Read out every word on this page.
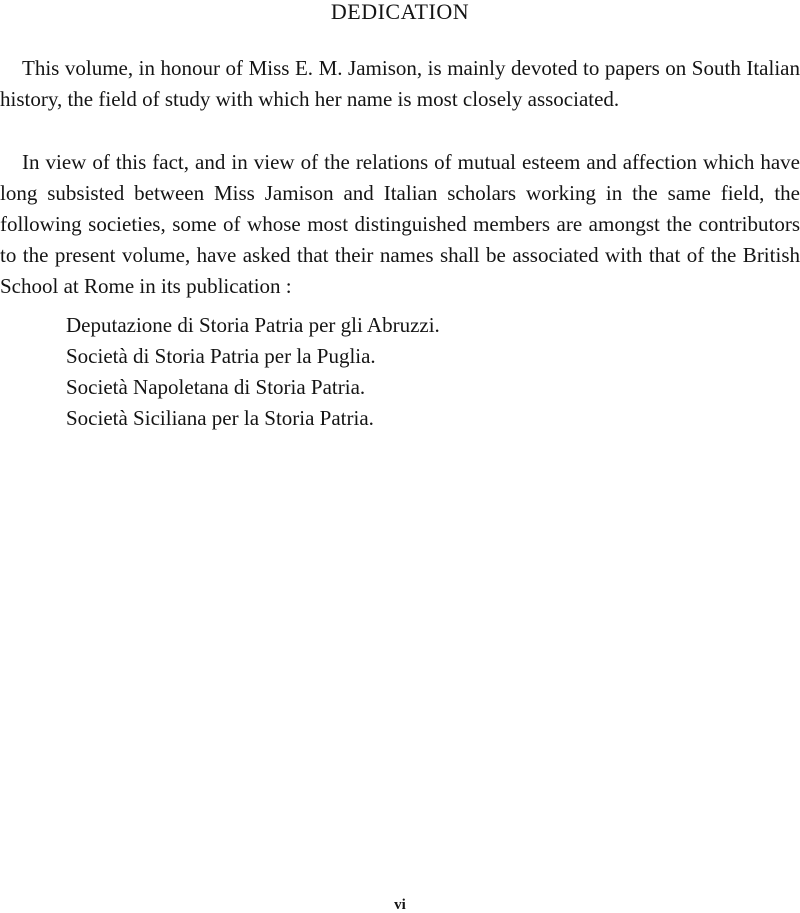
DEDICATION

This volume, in honour of Miss E. M. Jamison, is mainly devoted to papers on South Italian history, the field of study with which her name is most closely associated.

In view of this fact, and in view of the relations of mutual esteem and affection which have long subsisted between Miss Jamison and Italian scholars working in the same field, the following societies, some of whose most distinguished members are amongst the contributors to the present volume, have asked that their names shall be associated with that of the British School at Rome in its publication :

Deputazione di Storia Patria per gli Abruzzi.
Società di Storia Patria per la Puglia.
Società Napoletana di Storia Patria.
Società Siciliana per la Storia Patria.
vi
